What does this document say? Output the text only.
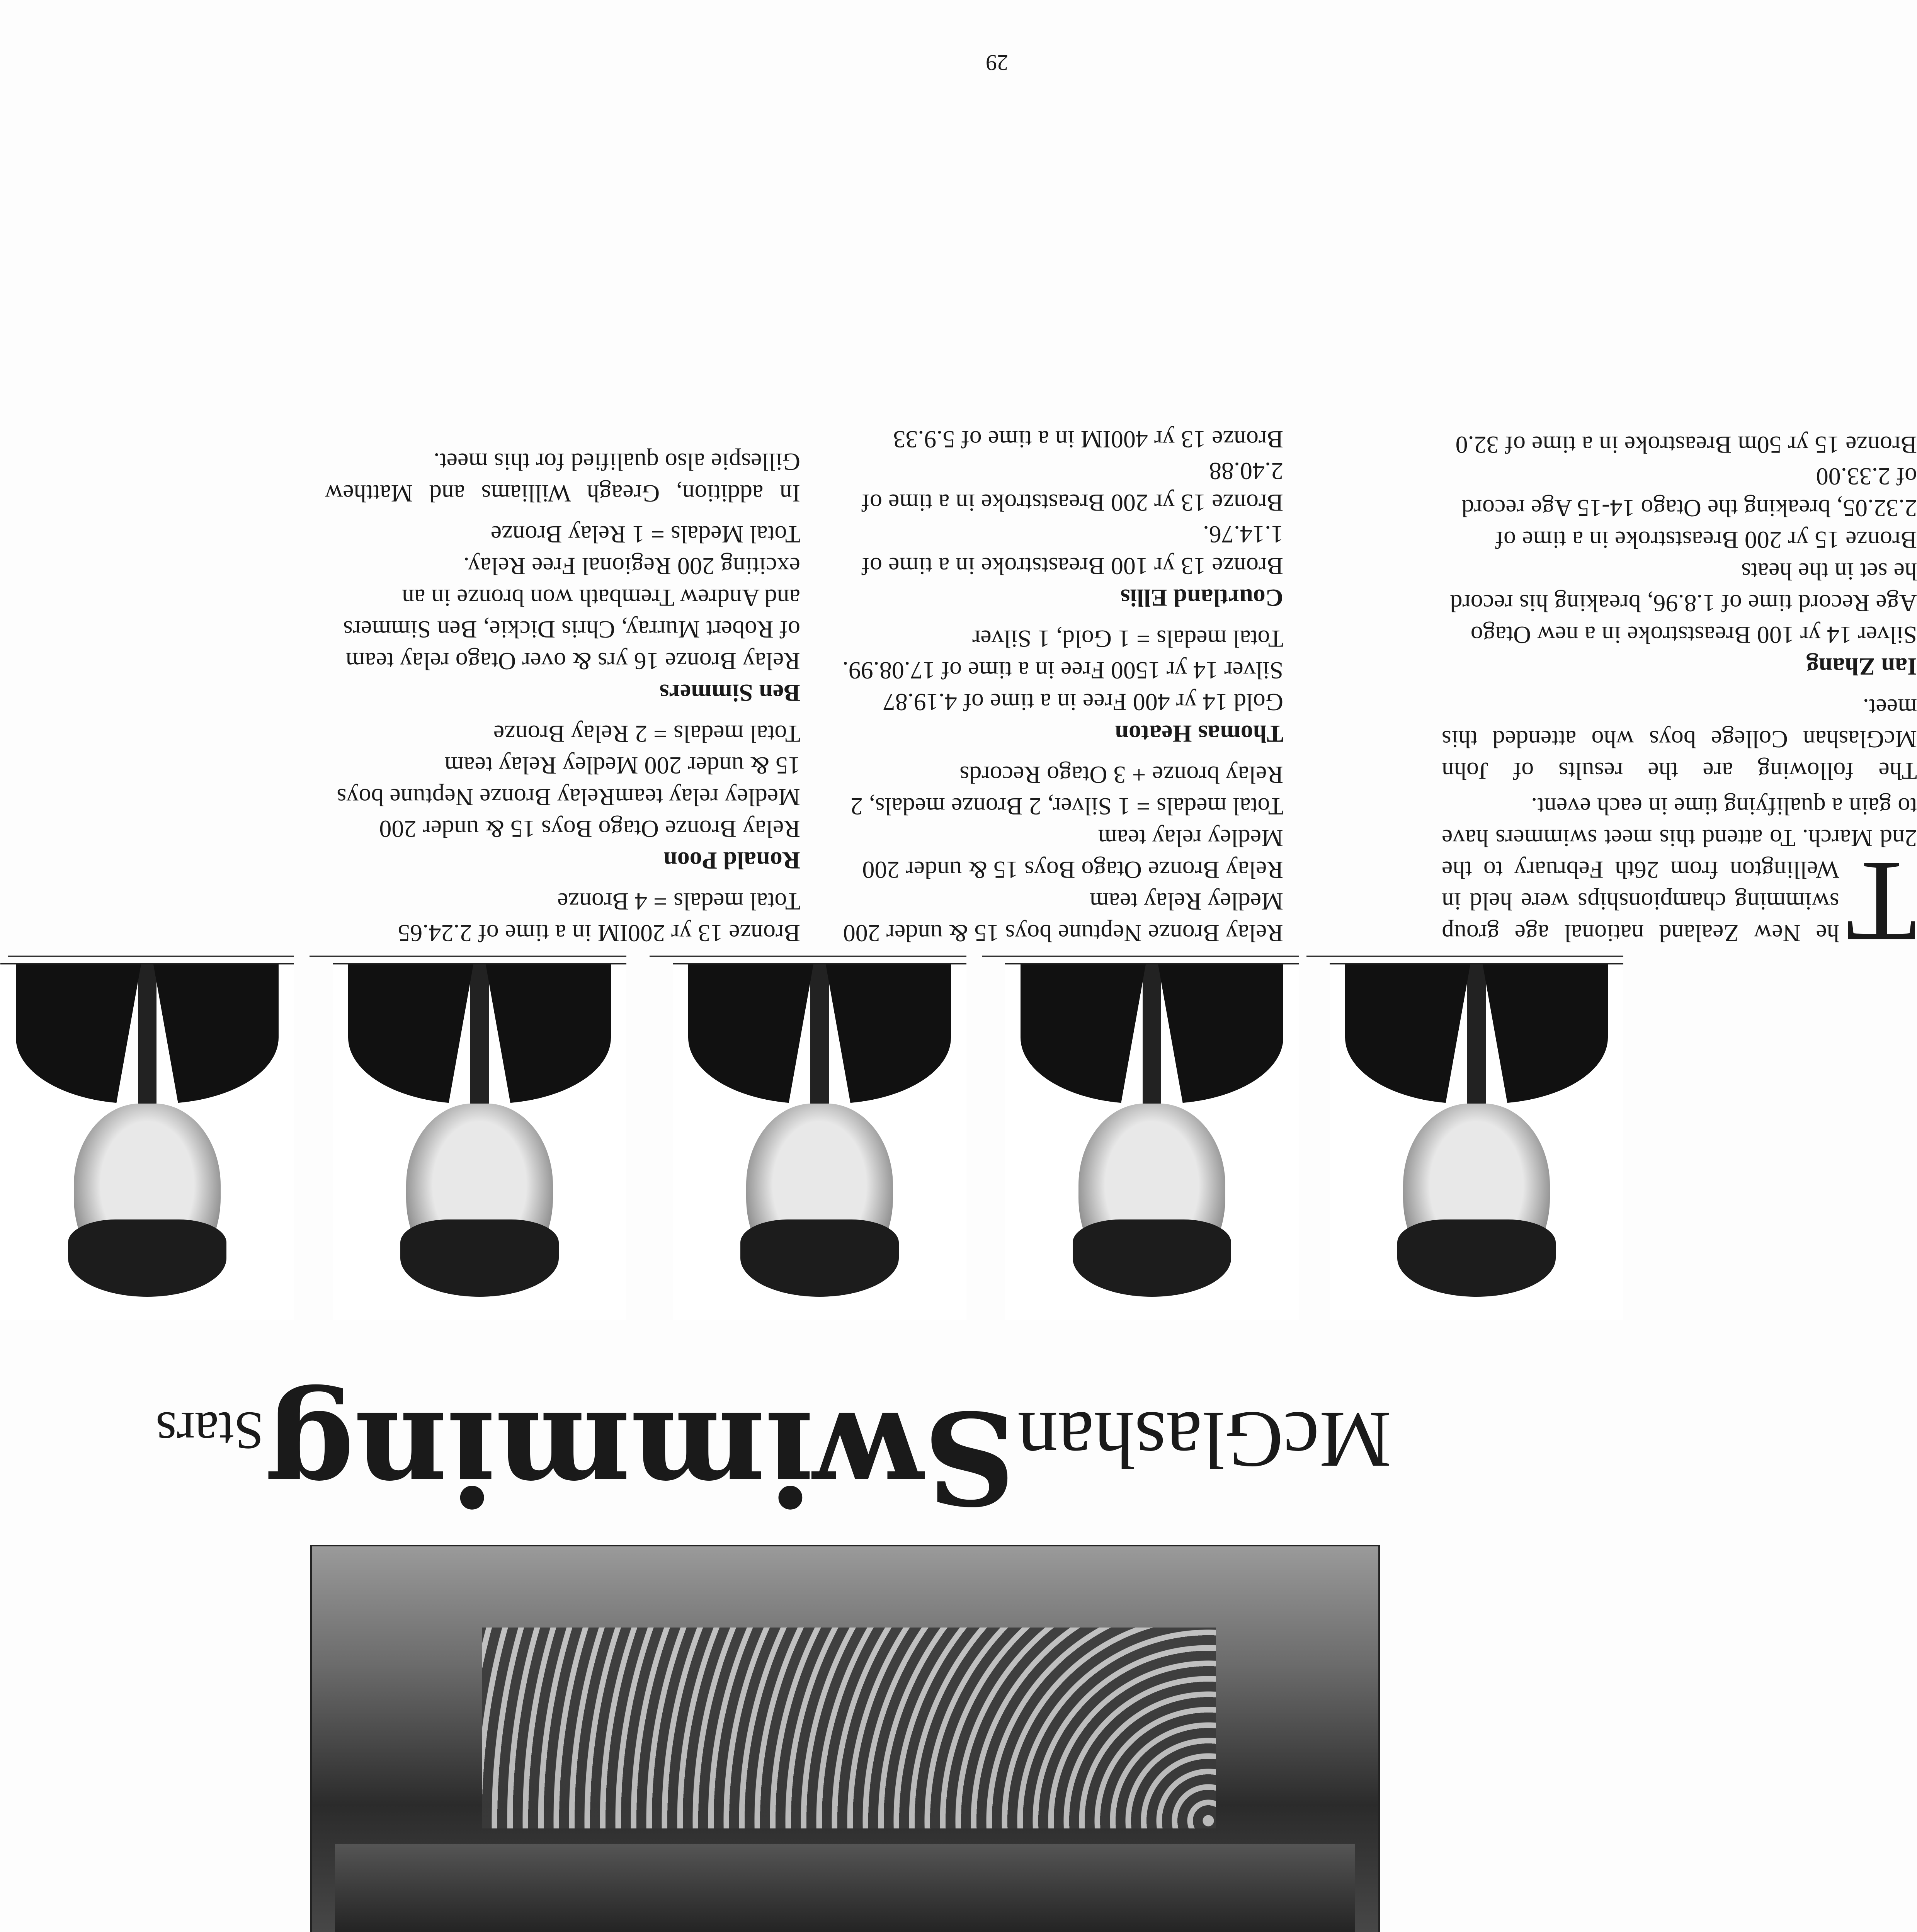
29

McGlashan Swimming Stars
T

he New Zealand national age group swimming championships were held in Wellington from 26th February to the 2nd March. To attend this meet swimmers have to gain a qualifying time in each event.

The following are the results of John McGlashan College boys who attended this meet.

Ian Zhang
Silver 14 yr 100 Breaststroke in a new Otago Age Record time of 1.8.96, breaking his record he set in the heats
Bronze 15 yr 200 Breaststroke in a time of 2.32.05, breaking the Otago 14-15 Age record of 2.33.00
Bronze 15 yr 50m Breastroke in a time of 32.0
Relay Bronze Neptune boys 15 & under 200 Medley Relay team
Relay Bronze Otago Boys 15 & under 200 Medley relay team
Total medals = 1 Silver, 2 Bronze medals, 2 Relay bronze + 3 Otago Records
Thomas Heaton
Gold 14 yr 400 Free in a time of 4.19.87
Silver 14 yr 1500 Free in a time of 17.08.99.
Total medals = 1 Gold, 1 Silver
Courtland Ellis
Bronze 13 yr 100 Breaststroke in a time of 1.14.76.
Bronze 13 yr 200 Breaststroke in a time of 2.40.88
Bronze 13 yr 400IM in a time of 5.9.33
Bronze 13 yr 200IM in a time of 2.24.65
Total medals = 4 Bronze
Ronald Poon
Relay Bronze Otago Boys 15 & under 200 Medley relay teamRelay Bronze Neptune boys 15 & under 200 Medley Relay team
Total medals = 2 Relay Bronze
Ben Simmers
Relay Bronze 16 yrs & over Otago relay team of Robert Murray, Chris Dickie, Ben Simmers and Andrew Trembath won bronze in an exciting 200 Regional Free Relay.
Total Medals = 1 Relay Bronze

In addition, Greagh Williams and Matthew Gillespie also qualified for this meet.
